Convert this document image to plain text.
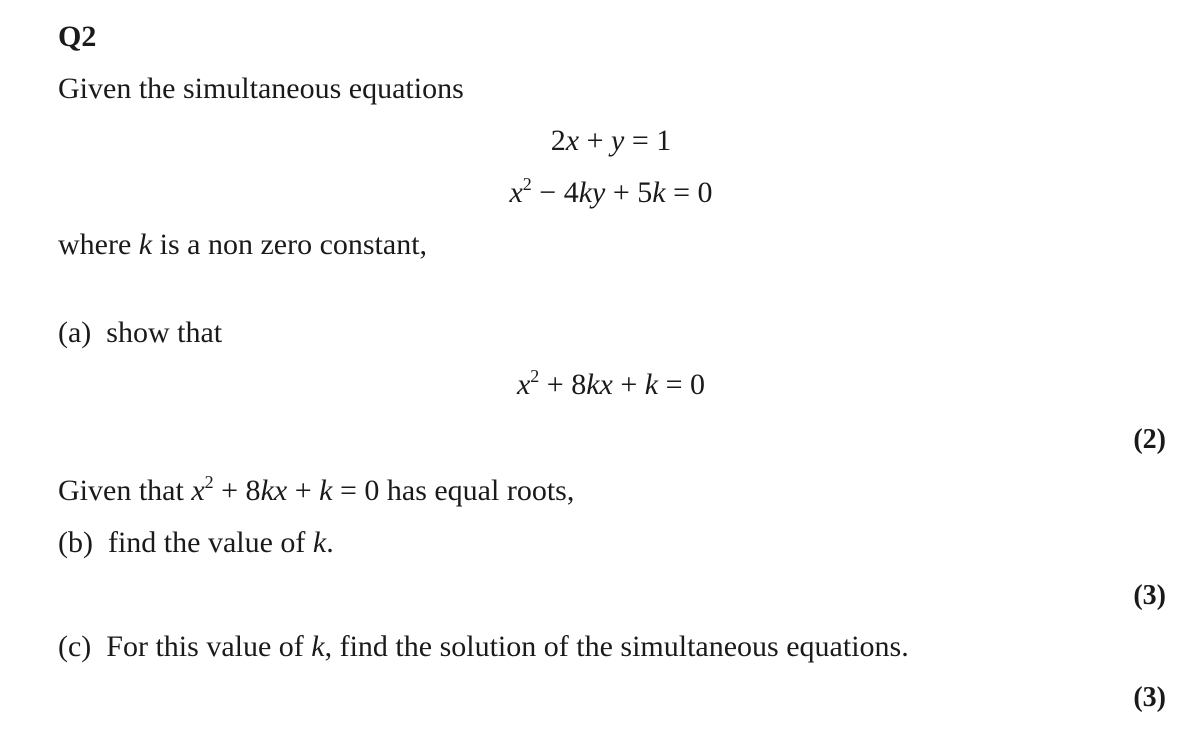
Q2
Given the simultaneous equations
2x + y = 1
$x^2 - 4ky + 5k = 0$
where k is a non zero constant,
(a) show that
$x^2 + 8kx + k = 0$
(2)
Given that $x^2 + 8kx + k = 0$ has equal roots,
(b) find the value of k.
(3)
(c) For this value of k, find the solution of the simultaneous equations.
(3)
